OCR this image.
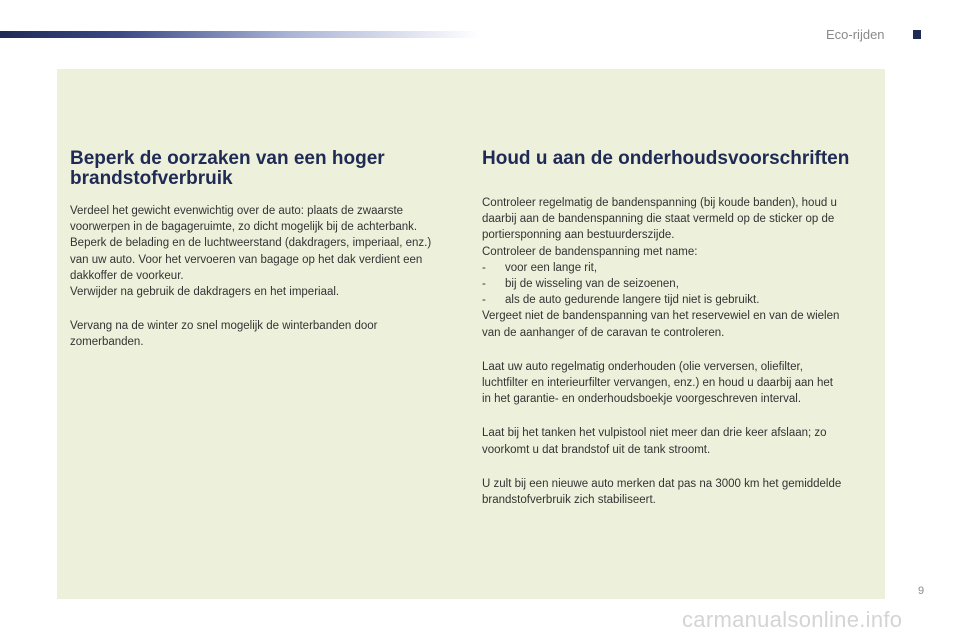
Eco-rijden
Beperk de oorzaken van een hoger
brandstofverbruik

Verdeel het gewicht evenwichtig over de auto: plaats de zwaarste
voorwerpen in de bagageruimte, zo dicht mogelijk bij de achterbank.
Beperk de belading en de luchtweerstand (dakdragers, imperiaal, enz.)
van uw auto. Voor het vervoeren van bagage op het dak verdient een
dakkoffer de voorkeur.
Verwijder na gebruik de dakdragers en het imperiaal.

Vervang na de winter zo snel mogelijk de winterbanden door
zomerbanden.

Houd u aan de onderhoudsvoorschriften

Controleer regelmatig de bandenspanning (bij koude banden), houd u
daarbij aan de bandenspanning die staat vermeld op de sticker op de
portiersponning aan bestuurderszijde.
Controleer de bandenspanning met name:
- voor een lange rit,
- bij de wisseling van de seizoenen,
- als de auto gedurende langere tijd niet is gebruikt.
Vergeet niet de bandenspanning van het reservewiel en van de wielen
van de aanhanger of de caravan te controleren.

Laat uw auto regelmatig onderhouden (olie verversen, oliefilter,
luchtfilter en interieurfilter vervangen, enz.) en houd u daarbij aan het
in het garantie- en onderhoudsboekje voorgeschreven interval.

Laat bij het tanken het vulpistool niet meer dan drie keer afslaan; zo
voorkomt u dat brandstof uit de tank stroomt.

U zult bij een nieuwe auto merken dat pas na 3000 km het gemiddelde
brandstofverbruik zich stabiliseert.

9
carmanualsonline.info
